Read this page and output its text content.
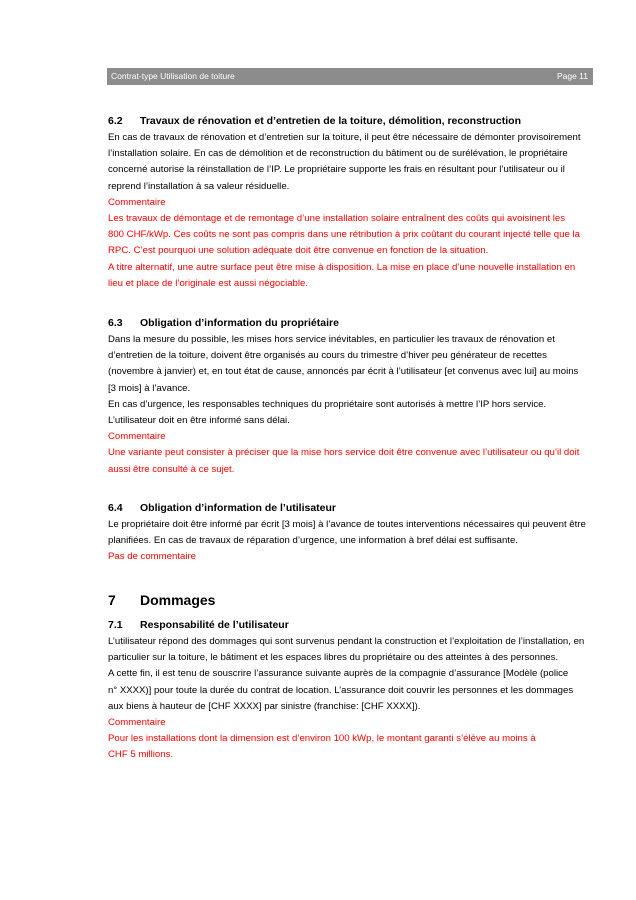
Contrat-type Utilisation de toiture	Page 11
6.2 Travaux de rénovation et d’entretien de la toiture, démolition, reconstruction
En cas de travaux de rénovation et d’entretien sur la toiture, il peut être nécessaire de démonter provisoirement
l’installation solaire. En cas de démolition et de reconstruction du bâtiment ou de surélévation, le propriétaire
concerné autorise la réinstallation de l’IP. Le propriétaire supporte les frais en résultant pour l’utilisateur ou il
reprend l’installation à sa valeur résiduelle.
Commentaire
Les travaux de démontage et de remontage d’une installation solaire entraînent des coûts qui avoisinent les
800 CHF/kWp. Ces coûts ne sont pas compris dans une rétribution à prix coûtant du courant injecté telle que la
RPC. C’est pourquoi une solution adéquate doit être convenue en fonction de la situation.
A titre alternatif, une autre surface peut être mise à disposition. La mise en place d’une nouvelle installation en
lieu et place de l’originale est aussi négociable.
6.3 Obligation d’information du propriétaire
Dans la mesure du possible, les mises hors service inévitables, en particulier les travaux de rénovation et
d’entretien de la toiture, doivent être organisés au cours du trimestre d’hiver peu générateur de recettes
(novembre à janvier) et, en tout état de cause, annoncés par écrit à l’utilisateur [et convenus avec lui] au moins
[3 mois] à l’avance.
En cas d’urgence, les responsables techniques du propriétaire sont autorisés à mettre l’IP hors service.
L’utilisateur doit en être informé sans délai.
Commentaire
Une variante peut consister à préciser que la mise hors service doit être convenue avec l’utilisateur ou qu’il doit
aussi être consulté à ce sujet.
6.4 Obligation d’information de l’utilisateur
Le propriétaire doit être informé par écrit [3 mois] à l’avance de toutes interventions nécessaires qui peuvent être
planifiées. En cas de travaux de réparation d’urgence, une information à bref délai est suffisante.
Pas de commentaire
7 Dommages
7.1 Responsabilité de l’utilisateur
L’utilisateur répond des dommages qui sont survenus pendant la construction et l’exploitation de l’installation, en
particulier sur la toiture, le bâtiment et les espaces libres du propriétaire ou des atteintes à des personnes.
A cette fin, il est tenu de souscrire l’assurance suivante auprès de la compagnie d’assurance [Modèle (police
n° XXXX)] pour toute la durée du contrat de location. L’assurance doit couvrir les personnes et les dommages
aux biens à hauteur de [CHF XXXX] par sinistre (franchise: [CHF XXXX]).
Commentaire
Pour les installations dont la dimension est d’environ 100 kWp, le montant garanti s’élève au moins à
CHF 5 millions.
